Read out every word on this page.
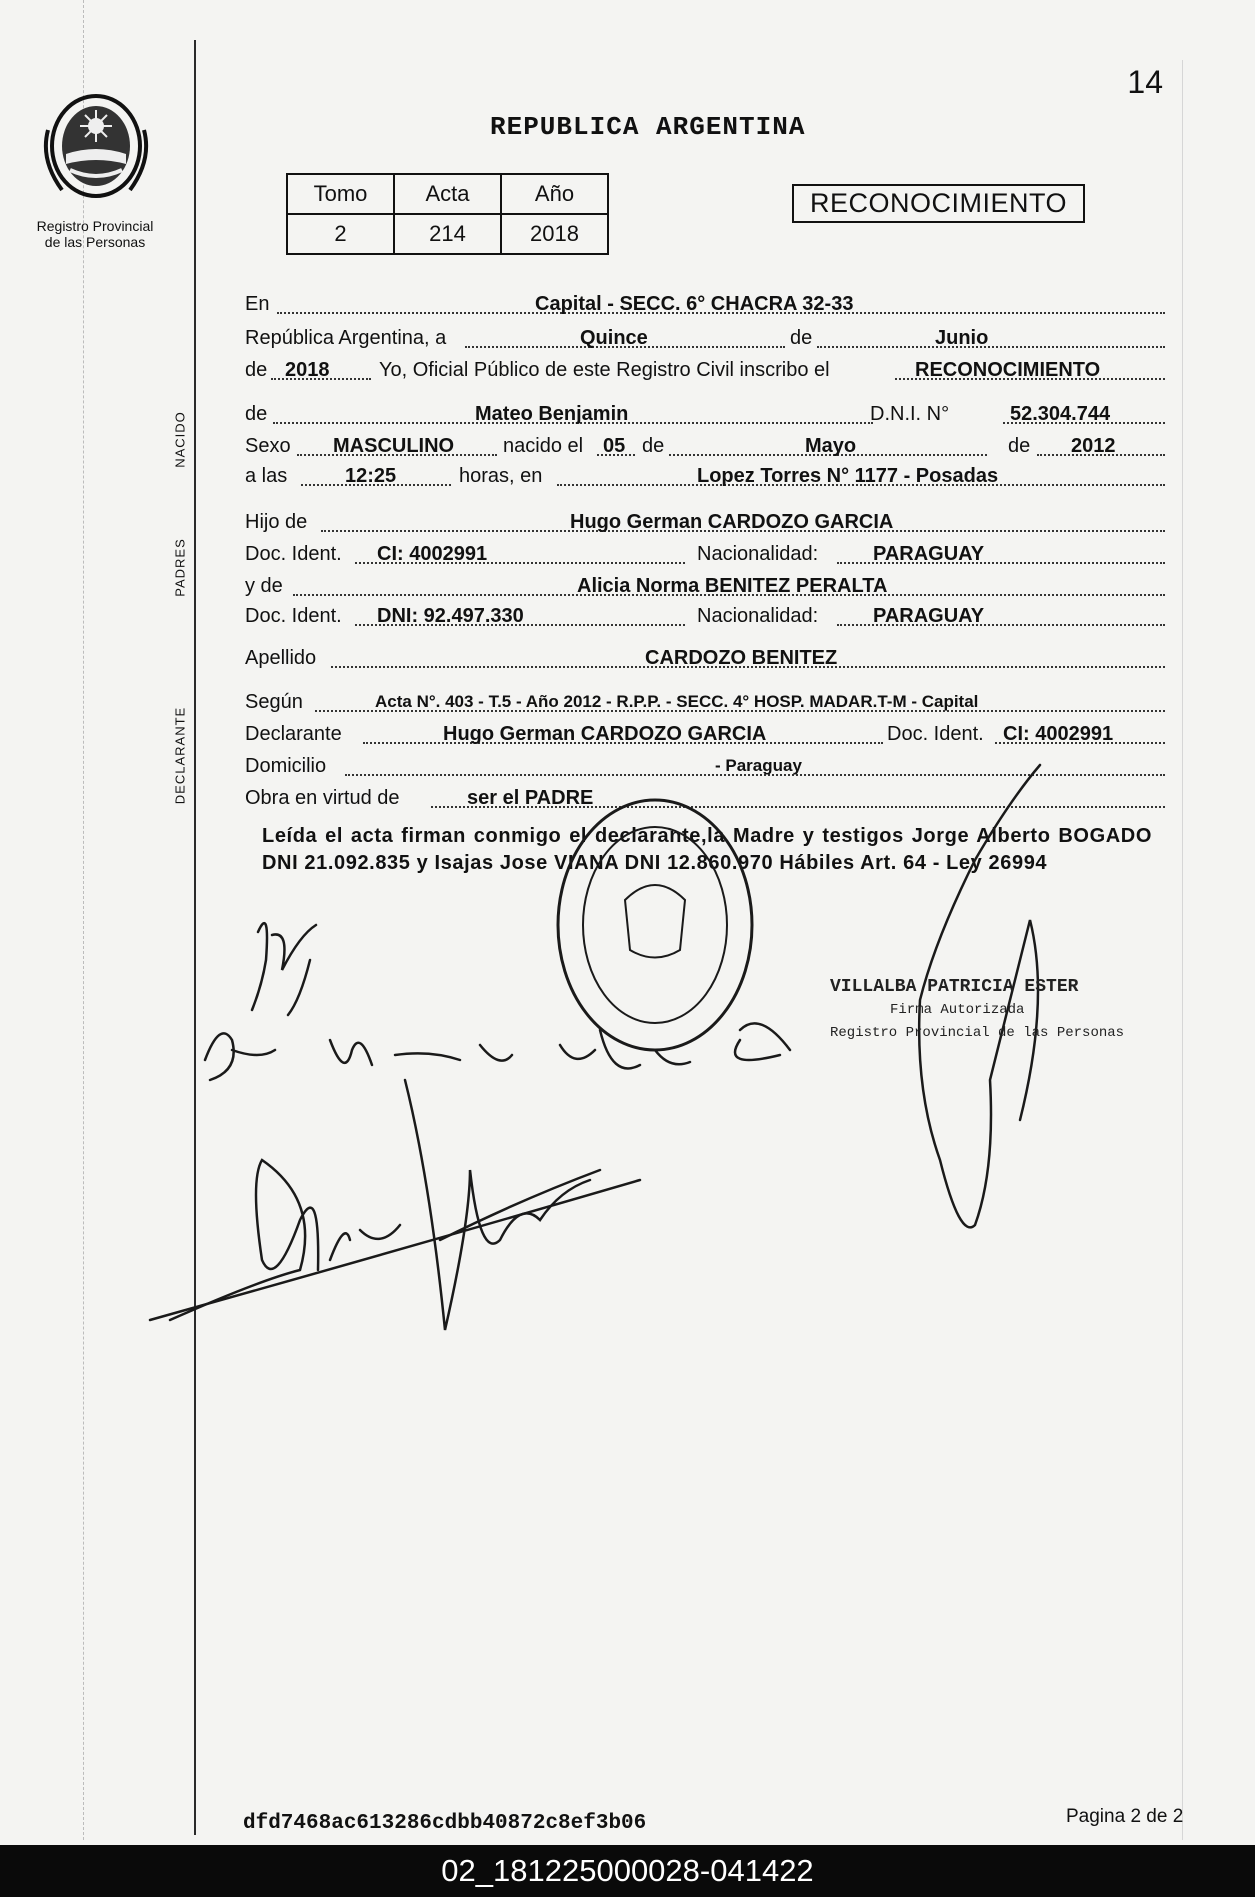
14
Registro Provincial
de las Personas
REPUBLICA ARGENTINA
Tomo	Acta	Año
2	214	2018
RECONOCIMIENTO
En	Capital - SECC. 6° CHACRA 32-33
República Argentina, a	Quince	de	Junio
de 2018 Yo, Oficial Público de este Registro Civil inscribo el	RECONOCIMIENTO
NACIDO	de	Mateo Benjamin	D.N.I. N°	52.304.744
Sexo MASCULINO nacido el 05 de	Mayo	de 2012
a las	12:25	horas, en	Lopez Torres N° 1177 - Posadas
PADRES
Hijo de	Hugo German CARDOZO GARCIA
Doc. Ident. CI: 4002991	Nacionalidad:	PARAGUAY
y de	Alicia Norma BENITEZ PERALTA
Doc. Ident. DNI: 92.497.330	Nacionalidad:	PARAGUAY
Apellido	CARDOZO BENITEZ
DECLARANTE
Según	Acta N°. 403 - T.5 - Año 2012 - R.P.P. - SECC. 4° HOSP. MADAR.T-M - Capital
Declarante	Hugo German CARDOZO GARCIA	Doc. Ident. CI: 4002991
Domicilio	- Paraguay
Obra en virtud de	ser el PADRE
Leída el acta firman conmigo el declarante,la Madre y testigos Jorge Alberto BOGADO DNI 21.092.835 y Isajas Jose VIANA DNI 12.860.970 Hábiles Art. 64 - Ley 26994
VILLALBA PATRICIA ESTER
Firma Autorizada
Registro Provincial de las Personas
dfd7468ac613286cdbb40872c8ef3b06	Pagina 2 de 2
02_181225000028-041422
